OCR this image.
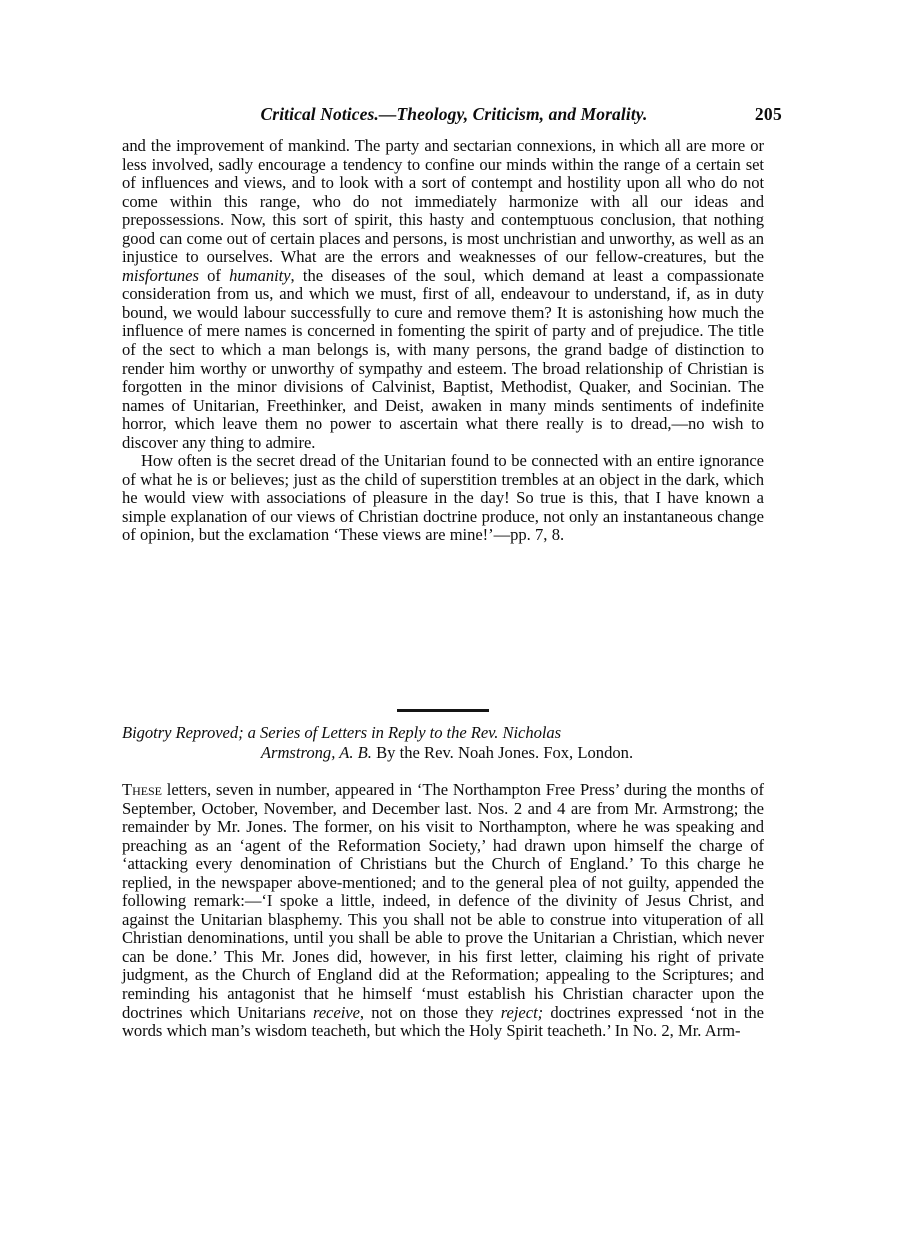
Critical Notices.—Theology, Criticism, and Morality.	205

and the improvement of mankind. The party and sectarian connexions, in which all are more or less involved, sadly encourage a tendency to confine our minds within the range of a certain set of influences and views, and to look with a sort of contempt and hostility upon all who do not come within this range, who do not immediately harmonize with all our ideas and prepossessions. Now, this sort of spirit, this hasty and contemptuous conclusion, that nothing good can come out of certain places and persons, is most unchristian and unworthy, as well as an injustice to ourselves. What are the errors and weaknesses of our fellow-creatures, but the misfortunes of humanity, the diseases of the soul, which demand at least a compassionate consideration from us, and which we must, first of all, endeavour to understand, if, as in duty bound, we would labour successfully to cure and remove them? It is astonishing how much the influence of mere names is concerned in fomenting the spirit of party and of prejudice. The title of the sect to which a man belongs is, with many persons, the grand badge of distinction to render him worthy or unworthy of sympathy and esteem. The broad relationship of Christian is forgotten in the minor divisions of Calvinist, Baptist, Methodist, Quaker, and Socinian. The names of Unitarian, Freethinker, and Deist, awaken in many minds sentiments of indefinite horror, which leave them no power to ascertain what there really is to dread,—no wish to discover any thing to admire.

How often is the secret dread of the Unitarian found to be connected with an entire ignorance of what he is or believes; just as the child of superstition trembles at an object in the dark, which he would view with associations of pleasure in the day! So true is this, that I have known a simple explanation of our views of Christian doctrine produce, not only an instantaneous change of opinion, but the exclamation ‘These views are mine!’—pp. 7, 8.

Bigotry Reproved; a Series of Letters in Reply to the Rev. Nicholas
Armstrong, A. B. By the Rev. Noah Jones. Fox, London.

These letters, seven in number, appeared in ‘The Northampton Free Press’ during the months of September, October, November, and December last. Nos. 2 and 4 are from Mr. Armstrong; the remainder by Mr. Jones. The former, on his visit to Northampton, where he was speaking and preaching as an ‘agent of the Reformation Society,’ had drawn upon himself the charge of ‘attacking every denomination of Christians but the Church of England.’ To this charge he replied, in the newspaper above-mentioned; and to the general plea of not guilty, appended the following remark:—‘I spoke a little, indeed, in defence of the divinity of Jesus Christ, and against the Unitarian blasphemy. This you shall not be able to construe into vituperation of all Christian denominations, until you shall be able to prove the Unitarian a Christian, which never can be done.’ This Mr. Jones did, however, in his first letter, claiming his right of private judgment, as the Church of England did at the Reformation; appealing to the Scriptures; and reminding his antagonist that he himself ‘must establish his Christian character upon the doctrines which Unitarians receive, not on those they reject; doctrines expressed ‘not in the words which man’s wisdom teacheth, but which the Holy Spirit teacheth.’ In No. 2, Mr. Arm-
